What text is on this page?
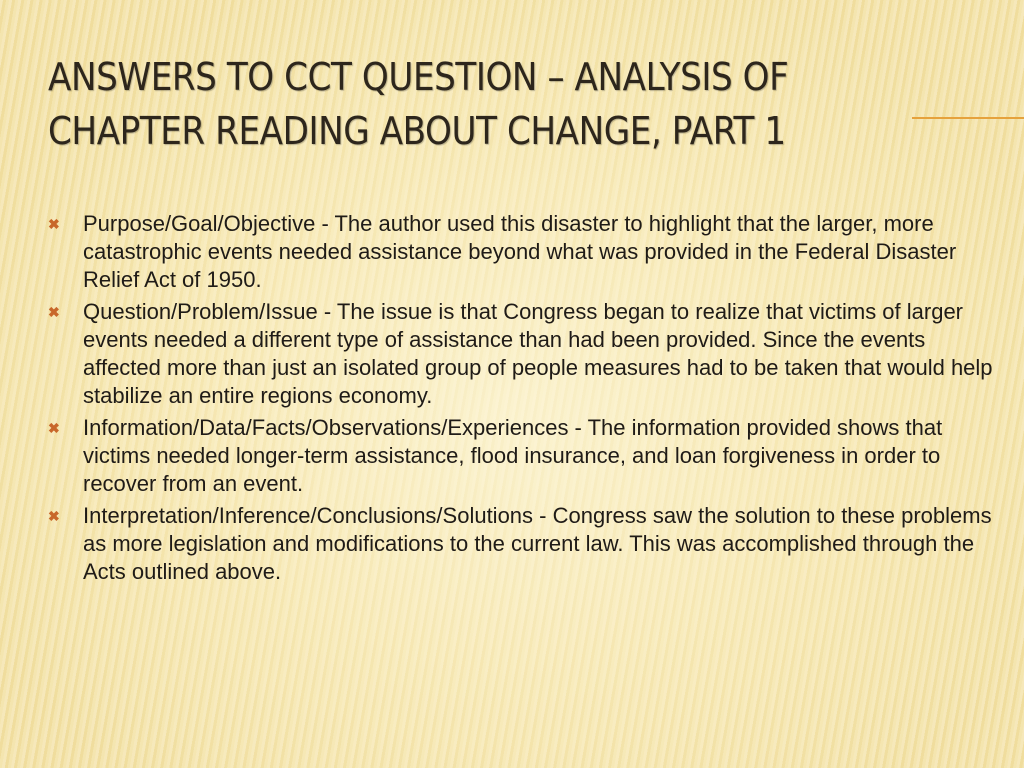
ANSWERS TO CCT QUESTION – ANALYSIS OF
CHAPTER READING ABOUT CHANGE, PART 1
✖ Purpose/Goal/Objective - The author used this disaster to highlight that the larger, more catastrophic events needed assistance beyond what was provided in the Federal Disaster Relief Act of 1950.
✖ Question/Problem/Issue - The issue is that Congress began to realize that victims of larger events needed a different type of assistance than had been provided. Since the events affected more than just an isolated group of people measures had to be taken that would help stabilize an entire regions economy.
✖ Information/Data/Facts/Observations/Experiences - The information provided shows that victims needed longer-term assistance, flood insurance, and loan forgiveness in order to recover from an event.
✖ Interpretation/Inference/Conclusions/Solutions - Congress saw the solution to these problems as more legislation and modifications to the current law. This was accomplished through the Acts outlined above.
